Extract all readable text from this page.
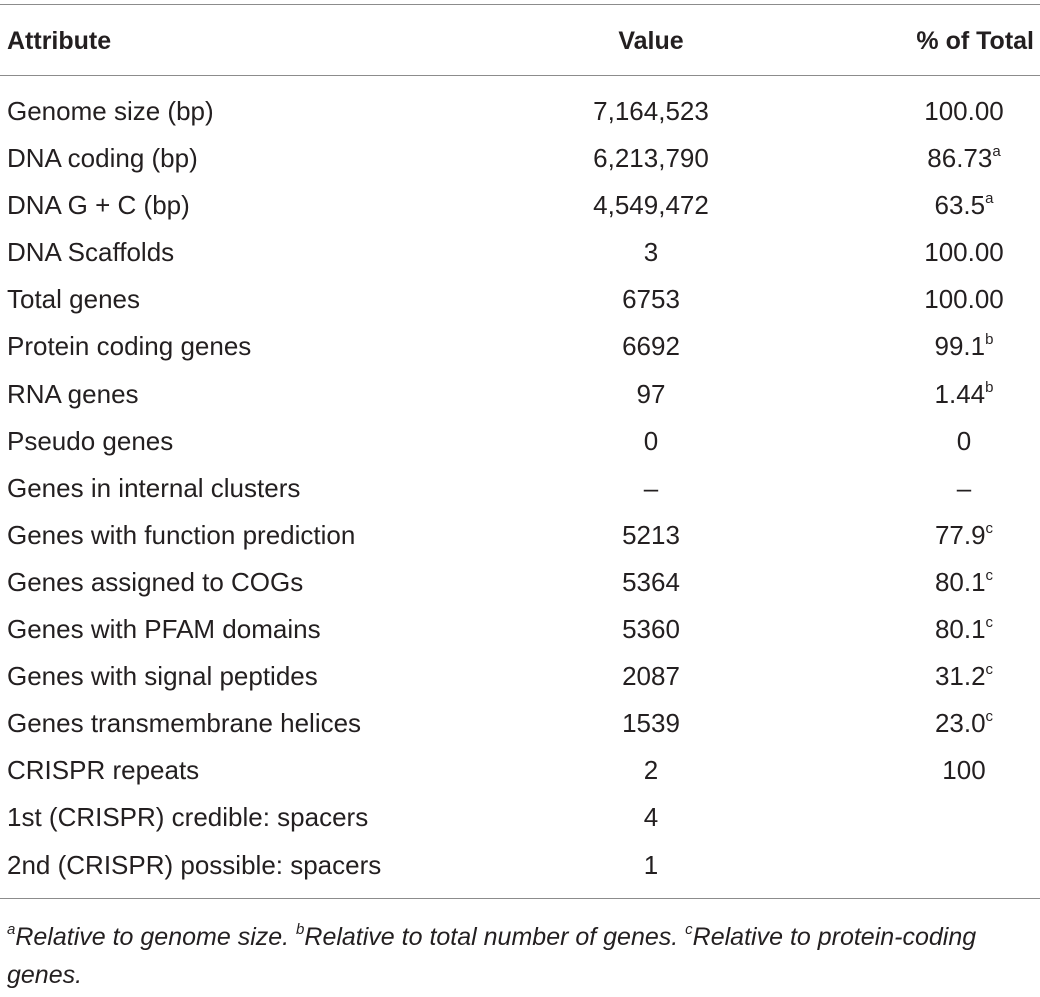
Attribute	Value	% of Total
Genome size (bp)	7,164,523	100.00
DNA coding (bp)	6,213,790	86.73$^a$
DNA G + C (bp)	4,549,472	63.5$^a$
DNA Scaffolds	3	100.00
Total genes	6753	100.00
Protein coding genes	6692	99.1$^b$
RNA genes	97	1.44$^b$
Pseudo genes	0	0
Genes in internal clusters	–	–
Genes with function prediction	5213	77.9$^c$
Genes assigned to COGs	5364	80.1$^c$
Genes with PFAM domains	5360	80.1$^c$
Genes with signal peptides	2087	31.2$^c$
Genes transmembrane helices	1539	23.0$^c$
CRISPR repeats	2	100
1st (CRISPR) credible: spacers	4
2nd (CRISPR) possible: spacers	1
$^a$Relative to genome size. $^b$Relative to total number of genes. $^c$Relative to protein-coding genes.
